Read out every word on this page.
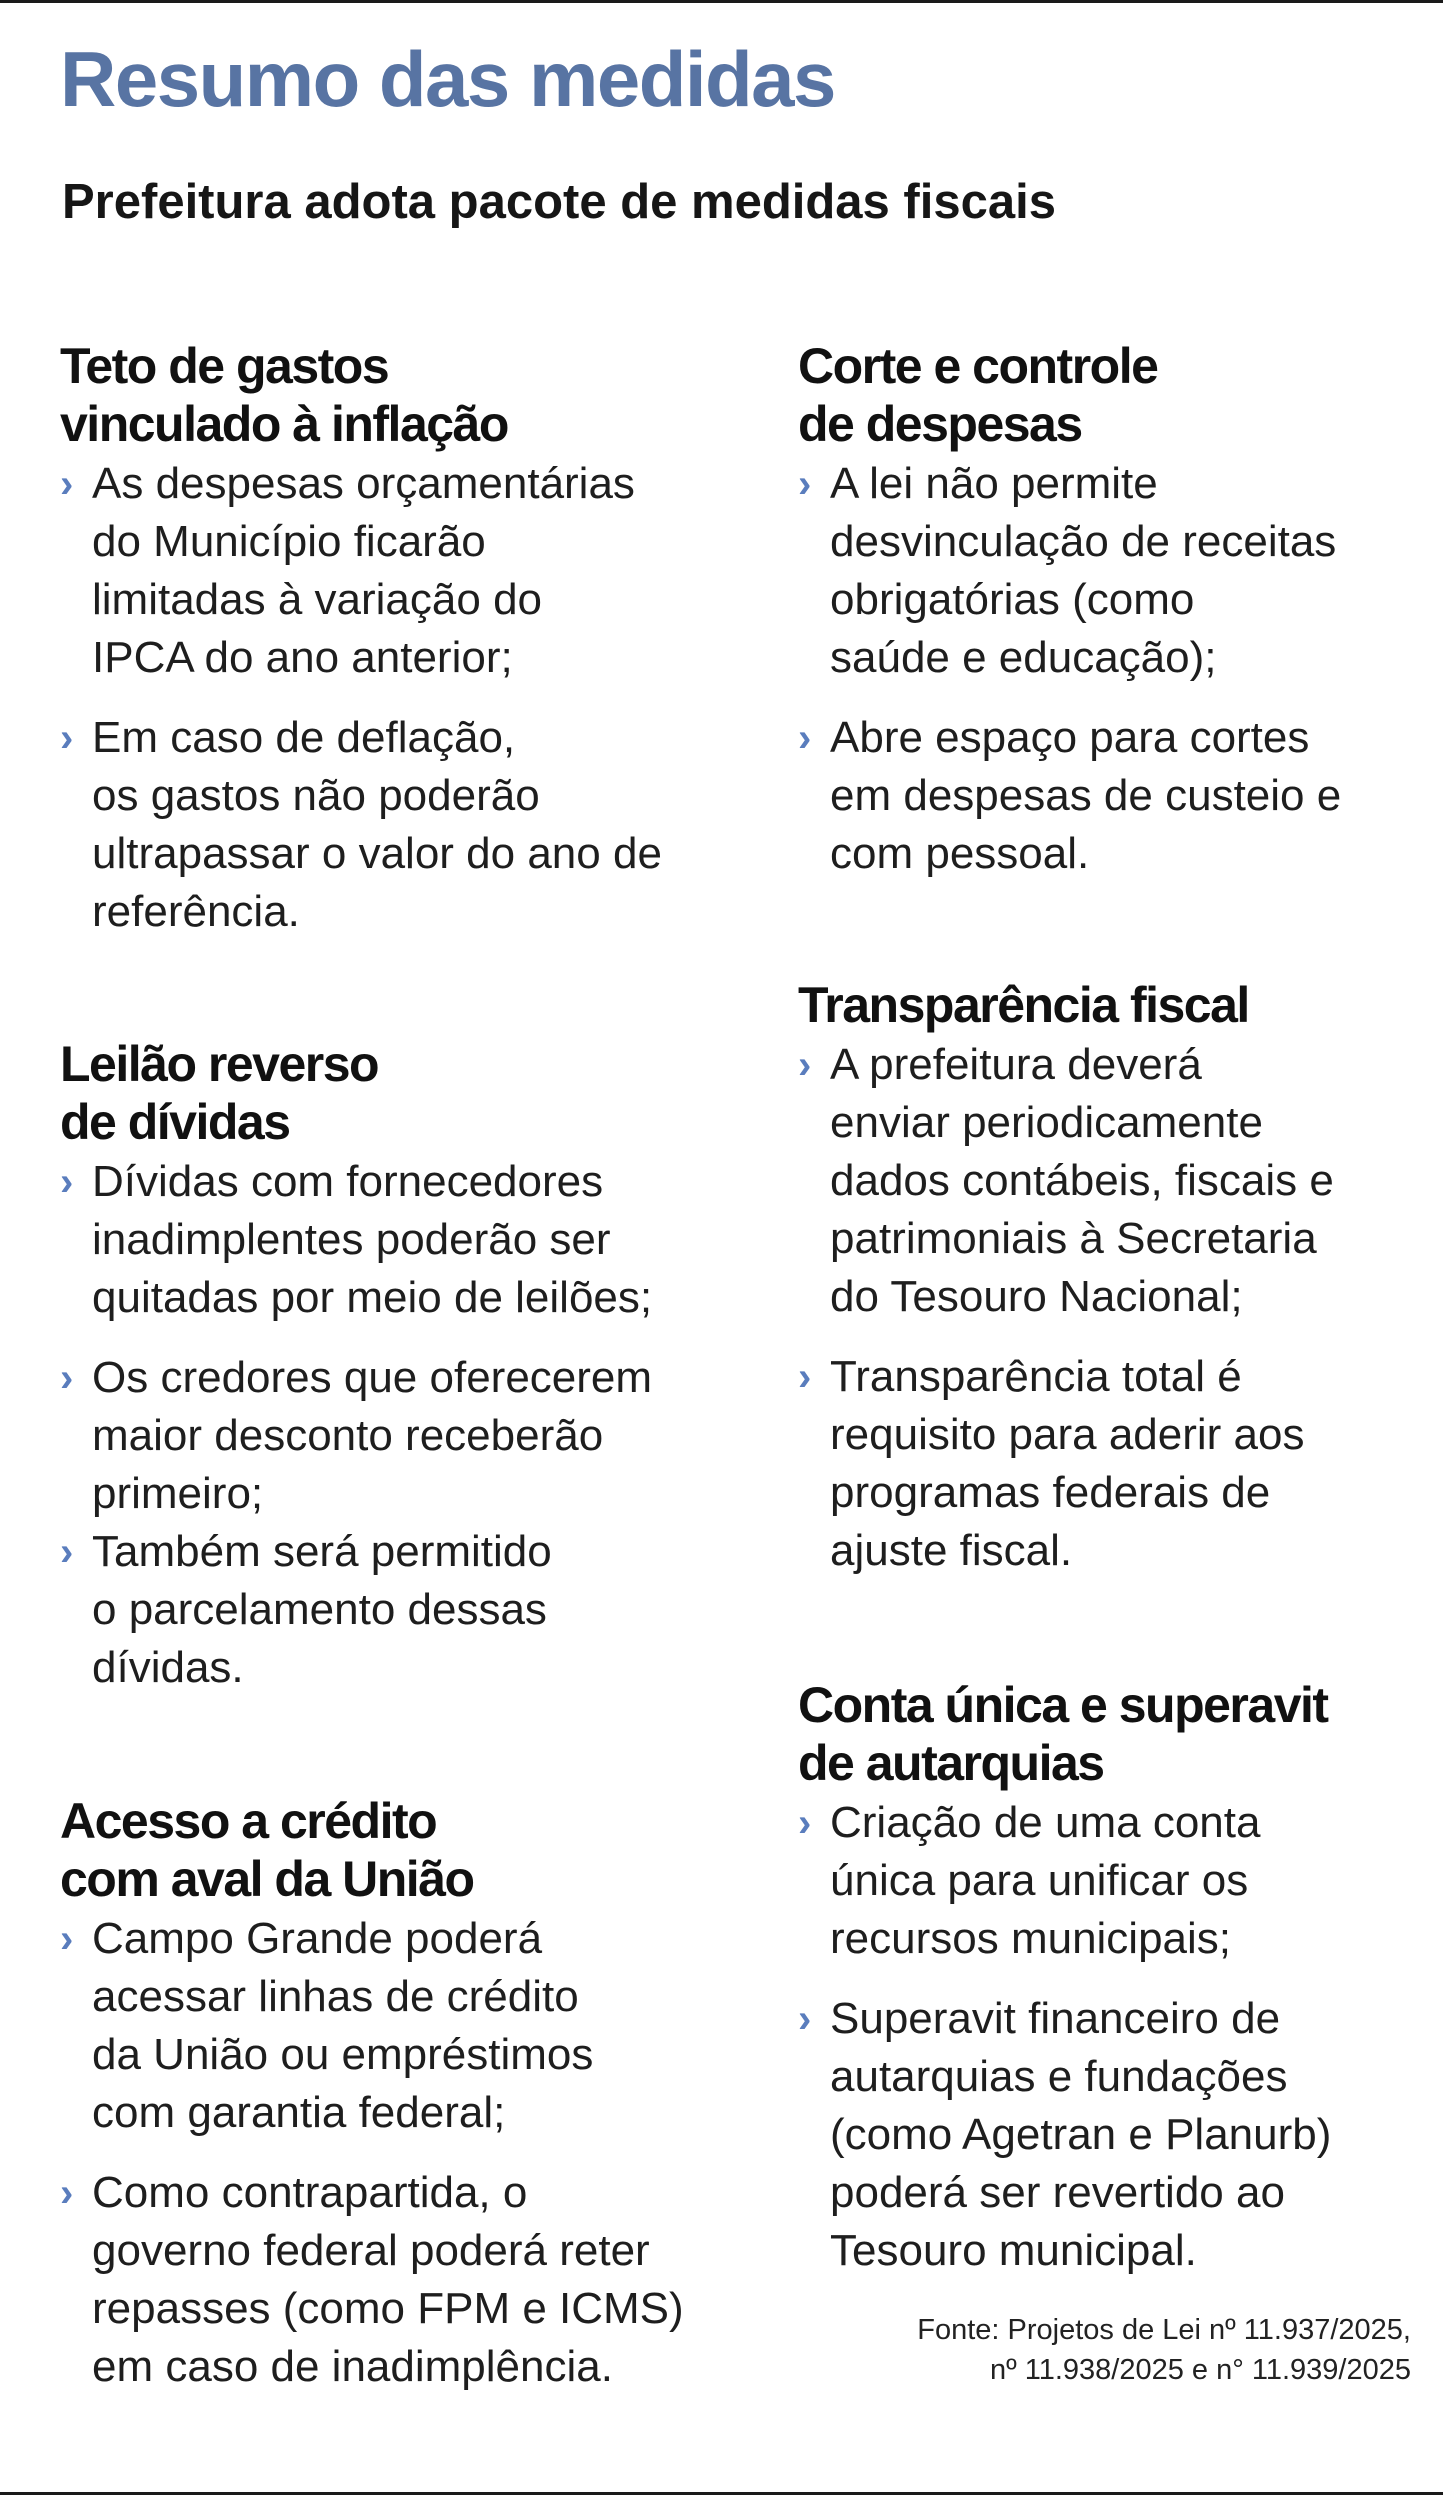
Resumo das medidas

Prefeitura adota pacote de medidas fiscais

Teto de gastos
vinculado à inflação
› As despesas orçamentárias
do Município ficarão
limitadas à variação do
IPCA do ano anterior;
› Em caso de deflação,
os gastos não poderão
ultrapassar o valor do ano de
referência.
Leilão reverso
de dívidas
› Dívidas com fornecedores
inadimplentes poderão ser
quitadas por meio de leilões;
› Os credores que oferecerem
maior desconto receberão
primeiro;
› Também será permitido
o parcelamento dessas
dívidas.
Acesso a crédito
com aval da União
› Campo Grande poderá
acessar linhas de crédito
da União ou empréstimos
com garantia federal;
› Como contrapartida, o
governo federal poderá reter
repasses (como FPM e ICMS)
em caso de inadimplência.
Corte e controle
de despesas
› A lei não permite
desvinculação de receitas
obrigatórias (como
saúde e educação);
› Abre espaço para cortes
em despesas de custeio e
com pessoal.
Transparência fiscal
› A prefeitura deverá
enviar periodicamente
dados contábeis, fiscais e
patrimoniais à Secretaria
do Tesouro Nacional;
› Transparência total é
requisito para aderir aos
programas federais de
ajuste fiscal.
Conta única e superavit
de autarquias
› Criação de uma conta
única para unificar os
recursos municipais;
› Superavit financeiro de
autarquias e fundações
(como Agetran e Planurb)
poderá ser revertido ao
Tesouro municipal.

Fonte: Projetos de Lei nº 11.937/2025,
nº 11.938/2025 e n° 11.939/2025
